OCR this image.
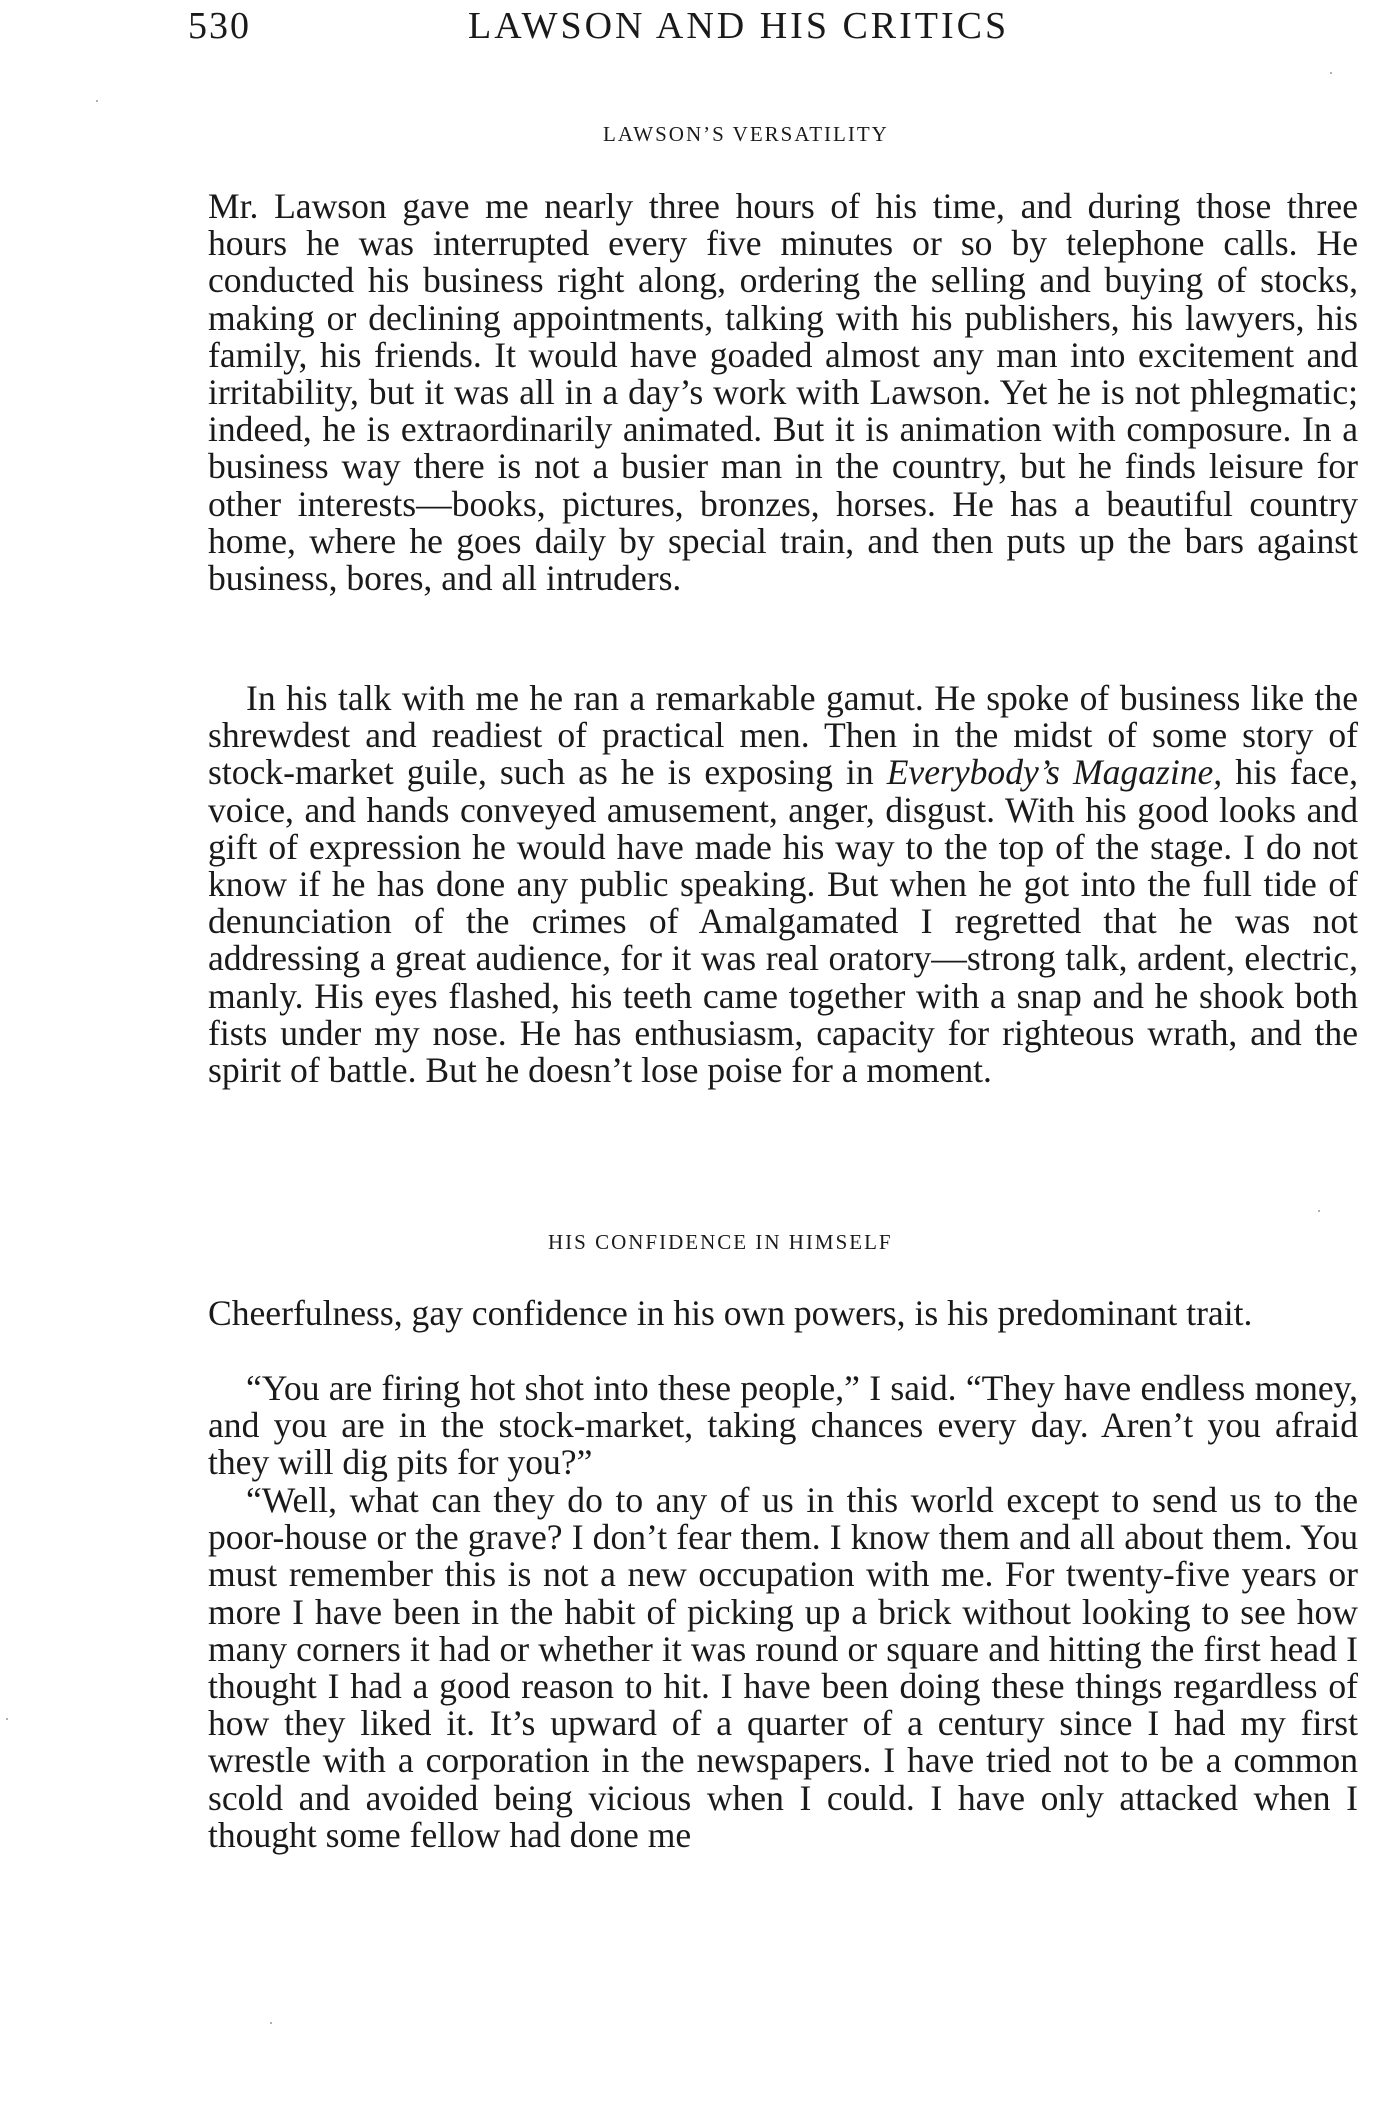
530	LAWSON AND HIS CRITICS
LAWSON’S VERSATILITY

Mr. Lawson gave me nearly three hours of his time, and during those three hours he was interrupted every five minutes or so by telephone calls. He conducted his business right along, ordering the selling and buying of stocks, making or declining appointments, talking with his publishers, his lawyers, his family, his friends. It would have goaded almost any man into excitement and irritability, but it was all in a day’s work with Lawson. Yet he is not phlegmatic; indeed, he is extraordinarily animated. But it is animation with composure. In a business way there is not a busier man in the country, but he finds leisure for other interests—books, pictures, bronzes, horses. He has a beautiful country home, where he goes daily by special train, and then puts up the bars against business, bores, and all intruders.

In his talk with me he ran a remarkable gamut. He spoke of business like the shrewdest and readiest of practical men. Then in the midst of some story of stock-market guile, such as he is exposing in Everybody’s Magazine, his face, voice, and hands conveyed amusement, anger, disgust. With his good looks and gift of expression he would have made his way to the top of the stage. I do not know if he has done any public speaking. But when he got into the full tide of denunciation of the crimes of Amalgamated I regretted that he was not addressing a great audience, for it was real oratory—strong talk, ardent, electric, manly. His eyes flashed, his teeth came together with a snap and he shook both fists under my nose. He has enthusiasm, capacity for righteous wrath, and the spirit of battle. But he doesn’t lose poise for a moment.

HIS CONFIDENCE IN HIMSELF

Cheerfulness, gay confidence in his own powers, is his predominant trait.

“You are firing hot shot into these people,” I said. “They have endless money, and you are in the stock-market, taking chances every day. Aren’t you afraid they will dig pits for you?”

“Well, what can they do to any of us in this world except to send us to the poor-house or the grave? I don’t fear them. I know them and all about them. You must remember this is not a new occupation with me. For twenty-five years or more I have been in the habit of picking up a brick without looking to see how many corners it had or whether it was round or square and hitting the first head I thought I had a good reason to hit. I have been doing these things regardless of how they liked it. It’s upward of a quarter of a century since I had my first wrestle with a corporation in the newspapers. I have tried not to be a common scold and avoided being vicious when I could. I have only attacked when I thought some fellow had done me
